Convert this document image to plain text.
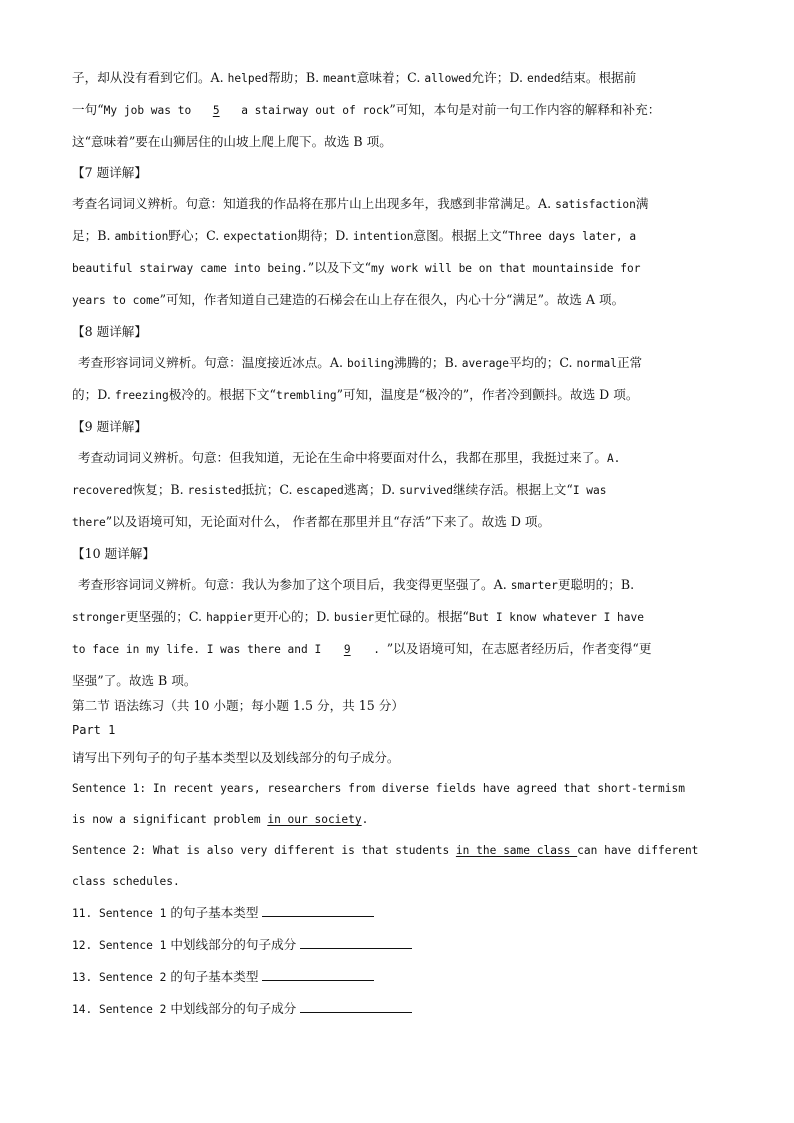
子，却从没有看到它们。A. helped帮助；B. meant意味着；C. allowed允许；D. ended结束。根据前
一句“My job was to 5 a stairway out of rock”可知，本句是对前一句工作内容的解释和补充：
这“意味着”要在山狮居住的山坡上爬上爬下。故选 B 项。
【7 题详解】
考查名词词义辨析。句意：知道我的作品将在那片山上出现多年，我感到非常满足。A. satisfaction满
足；B. ambition野心；C. expectation期待；D. intention意图。根据上文“Three days later, a
beautiful stairway came into being.”以及下文“my work will be on that mountainside for
years to come”可知，作者知道自己建造的石梯会在山上存在很久，内心十分“满足”。故选 A 项。
【8 题详解】
考查形容词词义辨析。句意：温度接近冰点。A. boiling沸腾的；B. average平均的；C. normal正常
的；D. freezing极冷的。根据下文“trembling”可知，温度是“极冷的”，作者冷到颤抖。故选 D 项。
【9 题详解】
考查动词词义辨析。句意：但我知道，无论在生命中将要面对什么，我都在那里，我挺过来了。A.
recovered恢复；B. resisted抵抗；C. escaped逃离；D. survived继续存活。根据上文“I was
there”以及语境可知，无论面对什么， 作者都在那里并且“存活”下来了。故选 D 项。
【10 题详解】
考查形容词词义辨析。句意：我认为参加了这个项目后，我变得更坚强了。A. smarter更聪明的；B.
stronger更坚强的；C. happier更开心的；D. busier更忙碌的。根据“But I know whatever I have
to face in my life. I was there and I 9 . ”以及语境可知，在志愿者经历后，作者变得“更
坚强”了。故选 B 项。
第二节 语法练习（共 10 小题；每小题 1.5 分，共 15 分）
Part 1
请写出下列句子的句子基本类型以及划线部分的句子成分。
Sentence 1: In recent years, researchers from diverse fields have agreed that short-termism
is now a significant problem in our society.
Sentence 2: What is also very different is that students in the same class can have different
class schedules.
11. Sentence 1 的句子基本类型
12. Sentence 1 中划线部分的句子成分
13. Sentence 2 的句子基本类型
14. Sentence 2 中划线部分的句子成分
